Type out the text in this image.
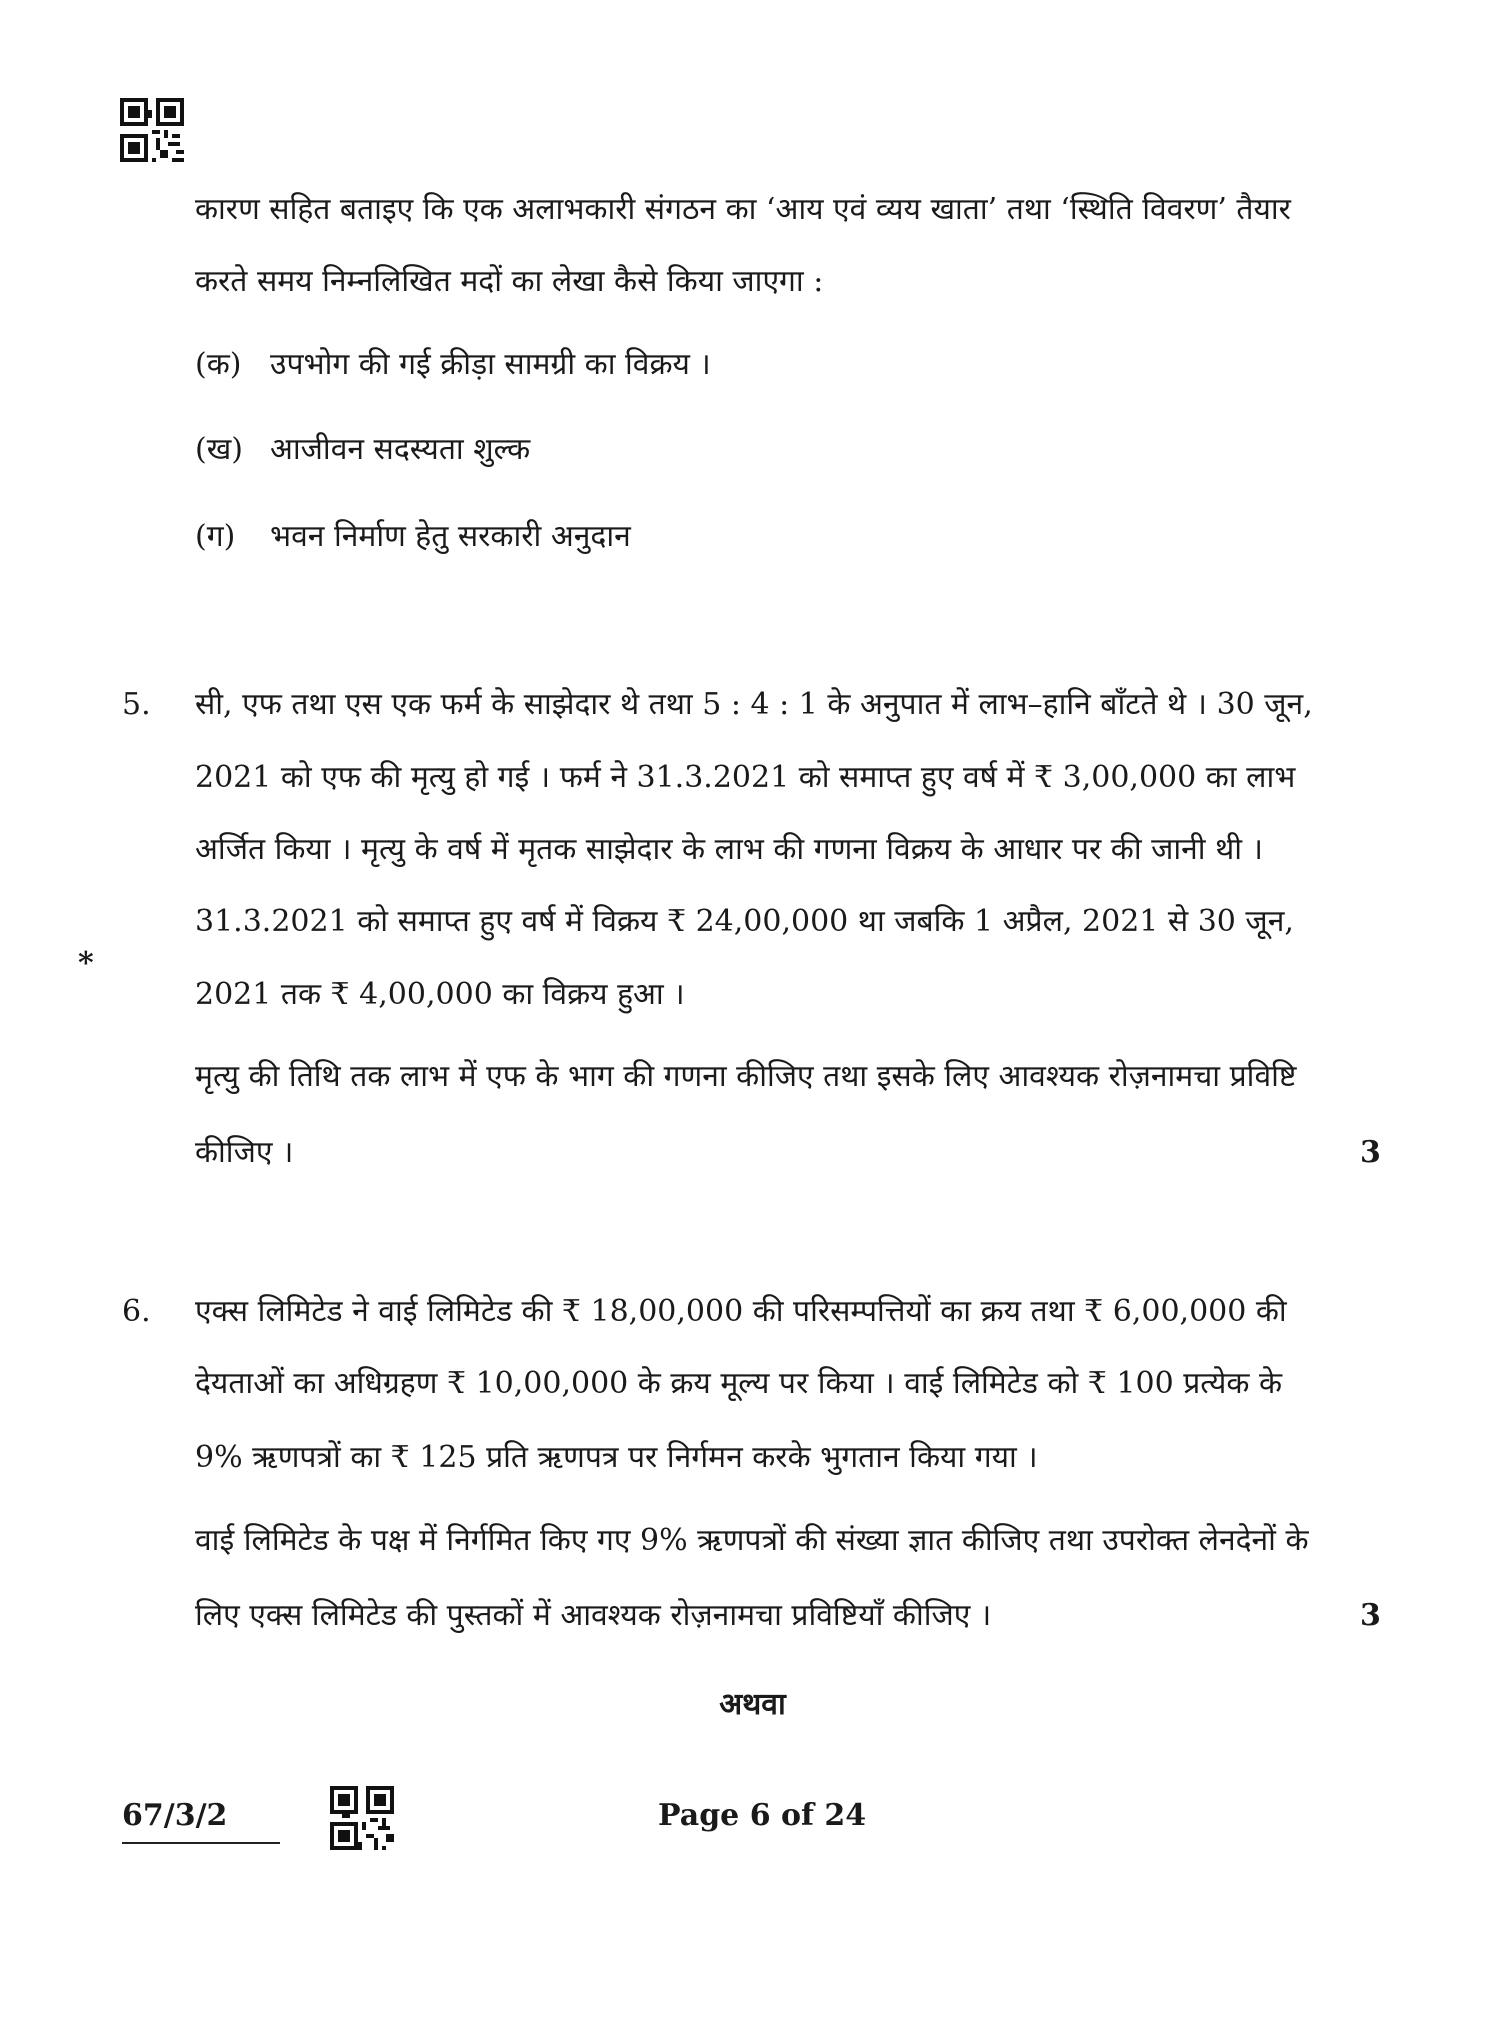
कारण सहित बताइए कि एक अलाभकारी संगठन का ‘आय एवं व्यय खाता’ तथा ‘स्थिति विवरण’ तैयार
करते समय निम्नलिखित मदों का लेखा कैसे किया जाएगा :
(क) उपभोग की गई क्रीड़ा सामग्री का विक्रय ।
(ख) आजीवन सदस्यता शुल्क
(ग) भवन निर्माण हेतु सरकारी अनुदान
5. सी, एफ तथा एस एक फर्म के साझेदार थे तथा 5 : 4 : 1 के अनुपात में लाभ–हानि बाँटते थे । 30 जून,
2021 को एफ की मृत्यु हो गई । फर्म ने 31.3.2021 को समाप्त हुए वर्ष में ₹ 3,00,000 का लाभ
अर्जित किया । मृत्यु के वर्ष में मृतक साझेदार के लाभ की गणना विक्रय के आधार पर की जानी थी ।
31.3.2021 को समाप्त हुए वर्ष में विक्रय ₹ 24,00,000 था जबकि 1 अप्रैल, 2021 से 30 जून,
2021 तक ₹ 4,00,000 का विक्रय हुआ ।
मृत्यु की तिथि तक लाभ में एफ के भाग की गणना कीजिए तथा इसके लिए आवश्यक रोज़नामचा प्रविष्टि
कीजिए ।
*
3
6. एक्स लिमिटेड ने वाई लिमिटेड की ₹ 18,00,000 की परिसम्पत्तियों का क्रय तथा ₹ 6,00,000 की
देयताओं का अधिग्रहण ₹ 10,00,000 के क्रय मूल्य पर किया । वाई लिमिटेड को ₹ 100 प्रत्येक के
9% ऋणपत्रों का ₹ 125 प्रति ऋणपत्र पर निर्गमन करके भुगतान किया गया ।
वाई लिमिटेड के पक्ष में निर्गमित किए गए 9% ऋणपत्रों की संख्या ज्ञात कीजिए तथा उपरोक्त लेनदेनों के
लिए एक्स लिमिटेड की पुस्तकों में आवश्यक रोज़नामचा प्रविष्टियाँ कीजिए ।	3
अथवा
67/3/2	Page 6 of 24
